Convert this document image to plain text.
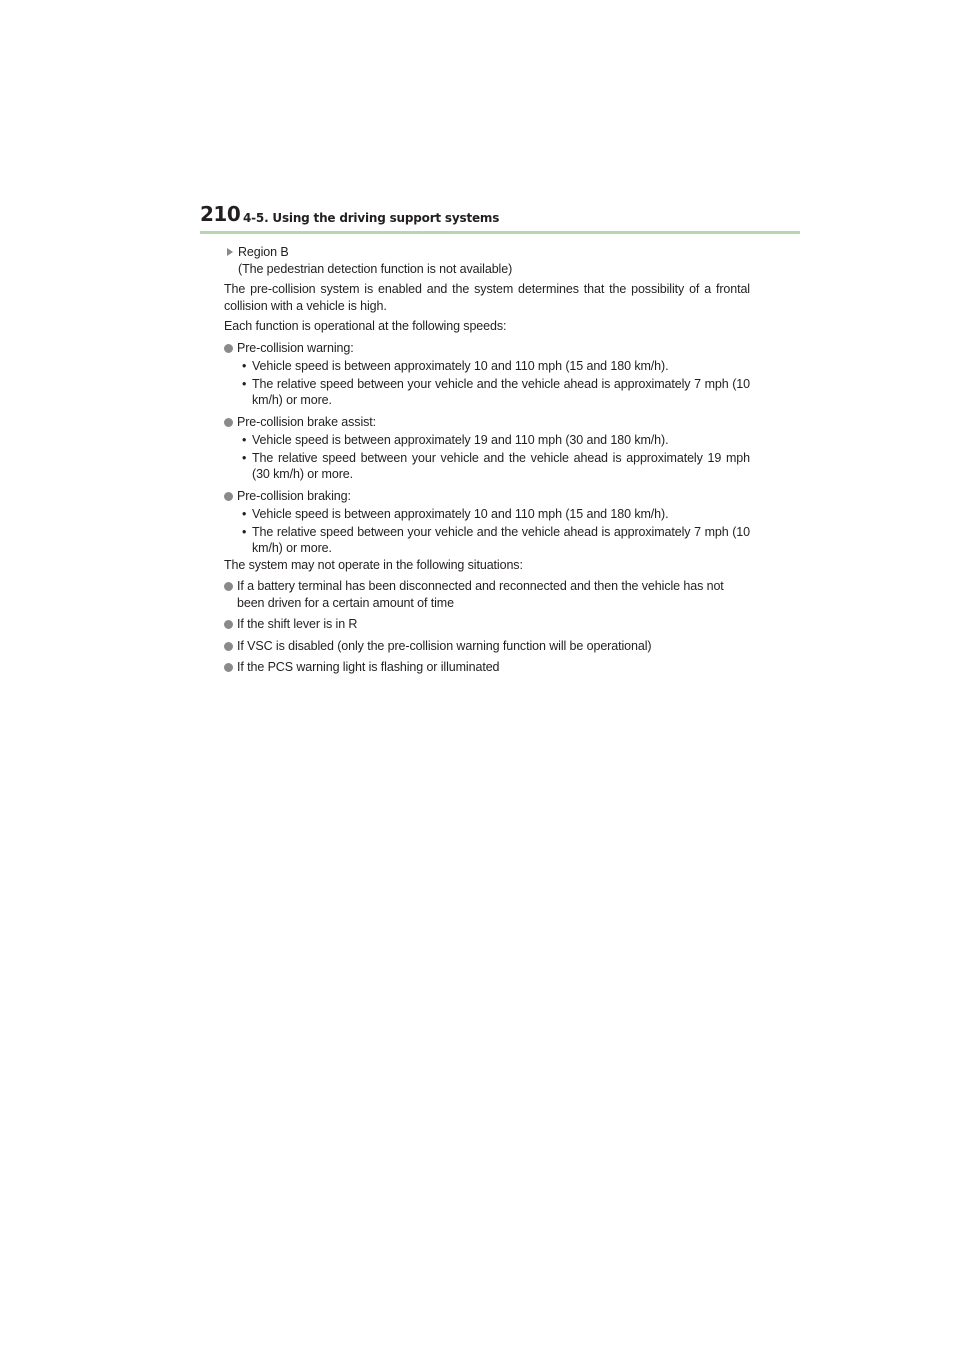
210 4-5. Using the driving support systems
Region B
(The pedestrian detection function is not available)

The pre-collision system is enabled and the system determines that the possibility of a frontal collision with a vehicle is high.

Each function is operational at the following speeds:

Pre-collision warning:
• Vehicle speed is between approximately 10 and 110 mph (15 and 180 km/h).
• The relative speed between your vehicle and the vehicle ahead is approximately 7 mph (10 km/h) or more.
Pre-collision brake assist:
• Vehicle speed is between approximately 19 and 110 mph (30 and 180 km/h).
• The relative speed between your vehicle and the vehicle ahead is approximately 19 mph (30 km/h) or more.
Pre-collision braking:
• Vehicle speed is between approximately 10 and 110 mph (15 and 180 km/h).
• The relative speed between your vehicle and the vehicle ahead is approximately 7 mph (10 km/h) or more.

The system may not operate in the following situations:

If a battery terminal has been disconnected and reconnected and then the vehicle has not been driven for a certain amount of time
If the shift lever is in R
If VSC is disabled (only the pre-collision warning function will be operational)
If the PCS warning light is flashing or illuminated
